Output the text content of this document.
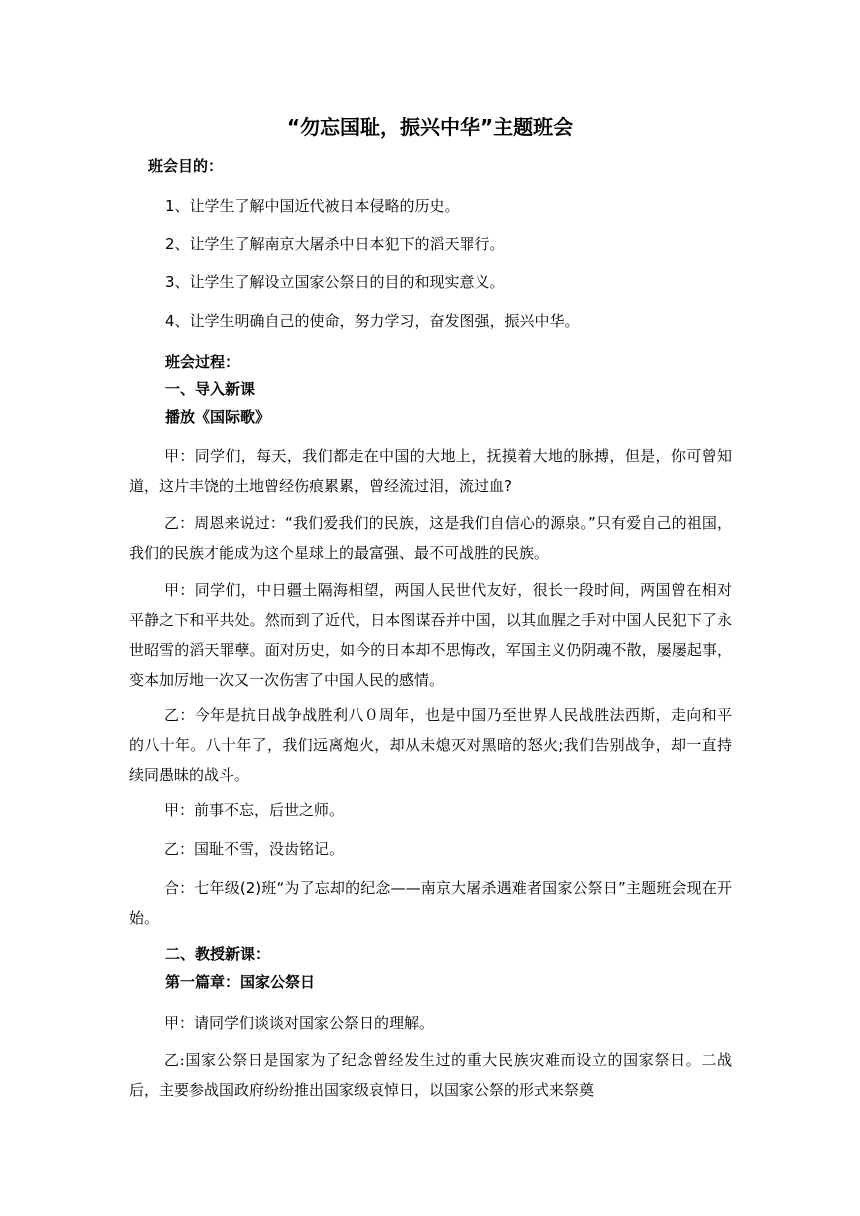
“勿忘国耻，振兴中华”主题班会
班会目的：
1、让学生了解中国近代被日本侵略的历史。
2、让学生了解南京大屠杀中日本犯下的滔天罪行。
3、让学生了解设立国家公祭日的目的和现实意义。
4、让学生明确自己的使命，努力学习，奋发图强，振兴中华。
班会过程：
一、导入新课
播放《国际歌》
甲：同学们，每天，我们都走在中国的大地上，抚摸着大地的脉搏，但是，你可曾知道，这片丰饶的土地曾经伤痕累累，曾经流过泪，流过血?
乙：周恩来说过：“我们爱我们的民族，这是我们自信心的源泉。”只有爱自己的祖国，我们的民族才能成为这个星球上的最富强、最不可战胜的民族。
甲：同学们，中日疆土隔海相望，两国人民世代友好，很长一段时间，两国曾在相对平静之下和平共处。然而到了近代，日本图谋吞并中国，以其血腥之手对中国人民犯下了永世昭雪的滔天罪孽。面对历史，如今的日本却不思悔改，军国主义仍阴魂不散，屡屡起事，变本加厉地一次又一次伤害了中国人民的感情。
乙：今年是抗日战争战胜利八０周年，也是中国乃至世界人民战胜法西斯，走向和平的八十年。八十年了，我们远离炮火，却从未熄灭对黑暗的怒火;我们告别战争，却一直持续同愚昧的战斗。
甲：前事不忘，后世之师。
乙：国耻不雪，没齿铭记。
合：七年级(2)班“为了忘却的纪念——南京大屠杀遇难者国家公祭日”主题班会现在开始。
二、教授新课：
第一篇章：国家公祭日
甲：请同学们谈谈对国家公祭日的理解。
乙:国家公祭日是国家为了纪念曾经发生过的重大民族灾难而设立的国家祭日。二战后，主要参战国政府纷纷推出国家级哀悼日，以国家公祭的形式来祭奠
